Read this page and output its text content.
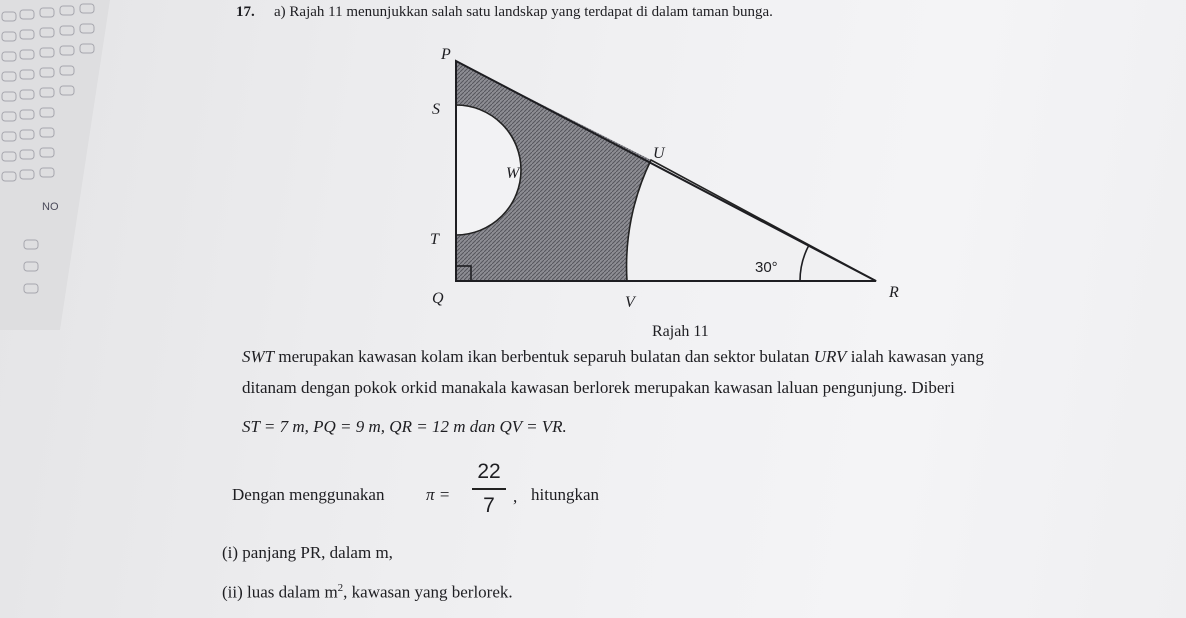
NO
17. a) Rajah 11 menunjukkan salah satu landskap yang terdapat di dalam taman bunga.
P
S
W
U
T
Q	V
R
30°
Rajah 11
SWT merupakan kawasan kolam ikan berbentuk separuh bulatan dan sektor bulatan URV ialah kawasan yang
ditanam dengan pokok orkid manakala kawasan berlorek merupakan kawasan laluan pengunjung. Diberi
ST = 7 m, PQ = 9 m, QR = 12 m dan QV = VR.
Dengan menggunakan π =
22
7	, hitungkan
(i) panjang PR, dalam m,
(ii) luas dalam $m^2$, kawasan yang berlorek.
